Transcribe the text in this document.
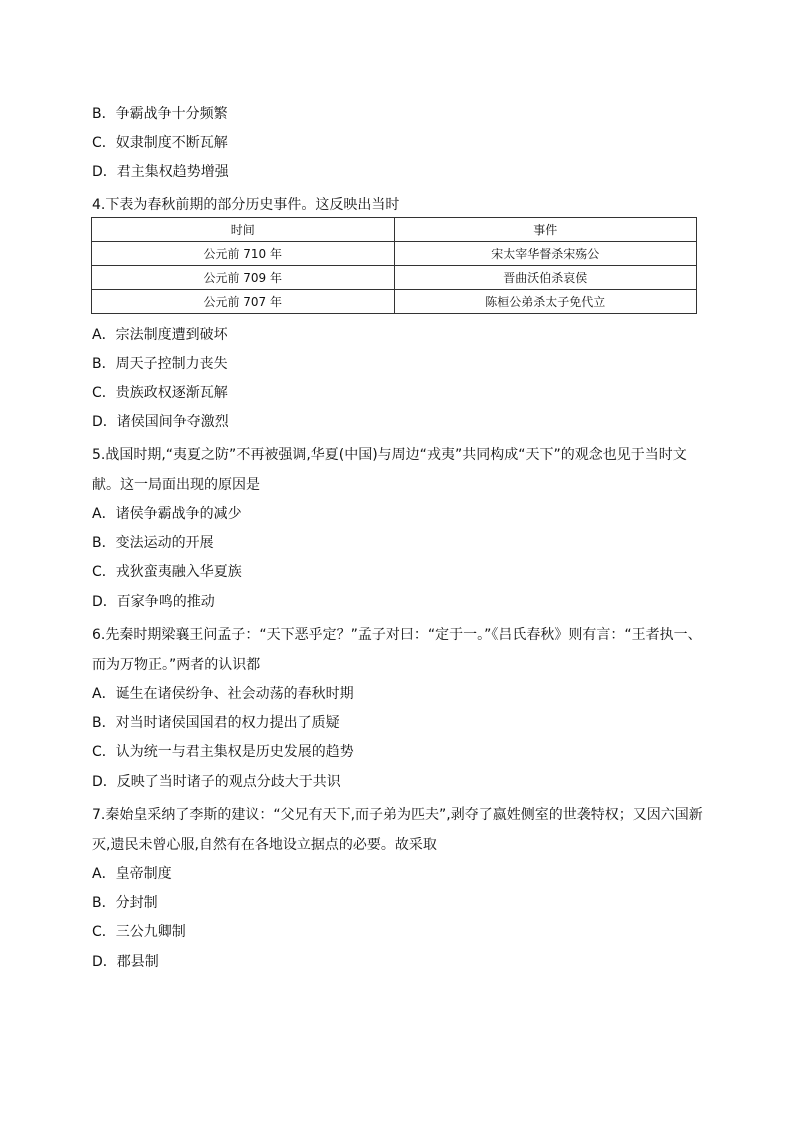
B．争霸战争十分频繁
C．奴隶制度不断瓦解
D．君主集权趋势增强
4.下表为春秋前期的部分历史事件。这反映出当时
时间	事件
公元前 710 年	宋太宰华督杀宋殇公
公元前 709 年	晋曲沃伯杀哀侯
公元前 707 年	陈桓公弟杀太子免代立
A．宗法制度遭到破坏
B．周天子控制力丧失
C．贵族政权逐渐瓦解
D．诸侯国间争夺激烈
5.战国时期,“夷夏之防”不再被强调,华夏(中国)与周边“戎夷”共同构成“天下”的观念也见于当时文献。这一局面出现的原因是
A．诸侯争霸战争的减少
B．变法运动的开展
C．戎狄蛮夷融入华夏族
D．百家争鸣的推动
6.先秦时期梁襄王问孟子：“天下恶乎定？”孟子对曰：“定于一。”《吕氏春秋》则有言：“王者执一、而为万物正。”两者的认识都
A．诞生在诸侯纷争、社会动荡的春秋时期
B．对当时诸侯国国君的权力提出了质疑
C．认为统一与君主集权是历史发展的趋势
D．反映了当时诸子的观点分歧大于共识
7.秦始皇采纳了李斯的建议：“父兄有天下,而子弟为匹夫”,剥夺了嬴姓侧室的世袭特权；又因六国新灭,遗民未曾心服,自然有在各地设立据点的必要。故采取
A．皇帝制度
B．分封制
C．三公九卿制
D．郡县制
